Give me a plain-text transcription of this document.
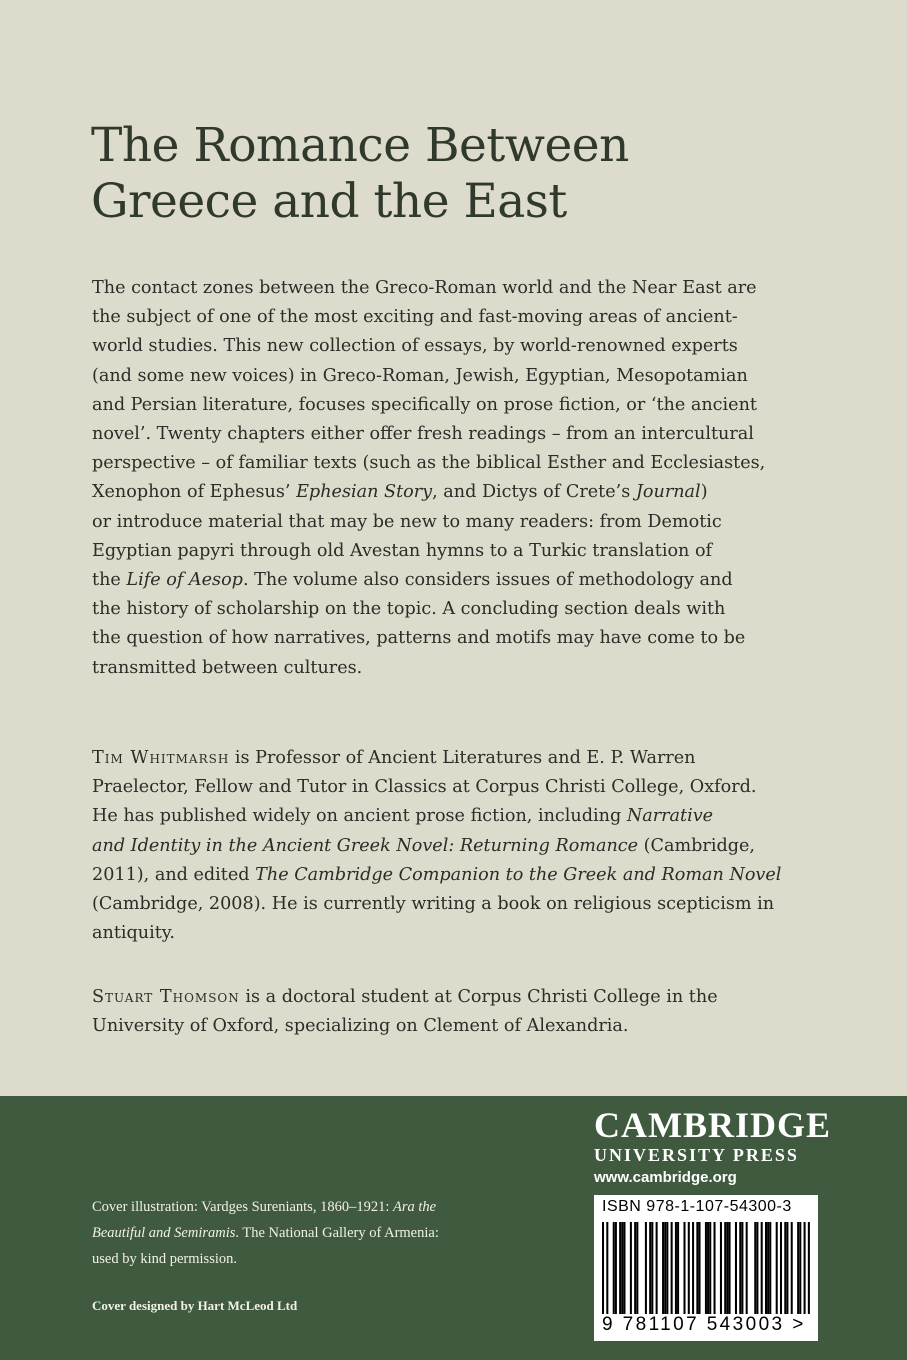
The Romance Between
Greece and the East
The contact zones between the Greco-Roman world and the Near East are
the subject of one of the most exciting and fast-moving areas of ancient-
world studies. This new collection of essays, by world-renowned experts
(and some new voices) in Greco-Roman, Jewish, Egyptian, Mesopotamian
and Persian literature, focuses specifically on prose fiction, or ‘the ancient
novel’. Twenty chapters either offer fresh readings – from an intercultural
perspective – of familiar texts (such as the biblical Esther and Ecclesiastes,
Xenophon of Ephesus’ Ephesian Story, and Dictys of Crete’s Journal)
or introduce material that may be new to many readers: from Demotic
Egyptian papyri through old Avestan hymns to a Turkic translation of
the Life of Aesop. The volume also considers issues of methodology and
the history of scholarship on the topic. A concluding section deals with
the question of how narratives, patterns and motifs may have come to be
transmitted between cultures.
Tim Whitmarsh is Professor of Ancient Literatures and E. P. Warren
Praelector, Fellow and Tutor in Classics at Corpus Christi College, Oxford.
He has published widely on ancient prose fiction, including Narrative
and Identity in the Ancient Greek Novel: Returning Romance (Cambridge,
2011), and edited The Cambridge Companion to the Greek and Roman Novel
(Cambridge, 2008). He is currently writing a book on religious scepticism in
antiquity.
Stuart Thomson is a doctoral student at Corpus Christi College in the
University of Oxford, specializing on Clement of Alexandria.
Cover illustration: Vardges Sureniants, 1860–1921: Ara the
Beautiful and Semiramis. The National Gallery of Armenia:
used by kind permission.
Cover designed by Hart McLeod Ltd
CAMBRIDGE
UNIVERSITY PRESS
www.cambridge.org
ISBN 978-1-107-54300-3
9 781107 543003 >
